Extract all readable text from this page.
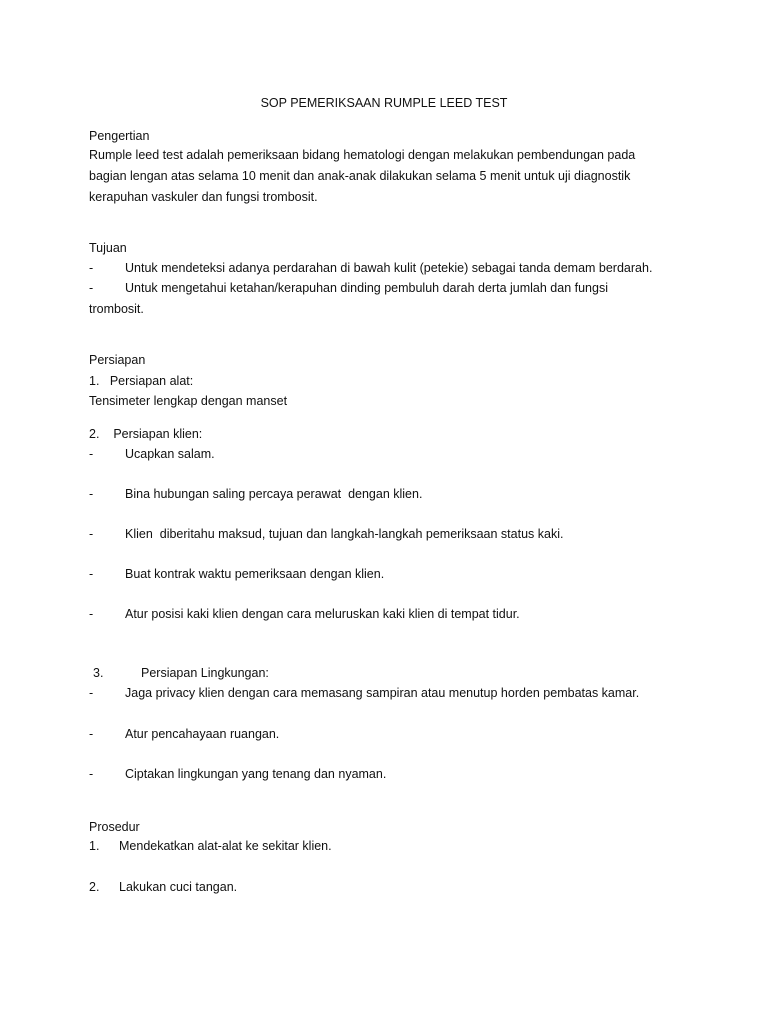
SOP PEMERIKSAAN RUMPLE LEED TEST
Pengertian
Rumple leed test adalah pemeriksaan bidang hematologi dengan melakukan pembendungan pada
bagian lengan atas selama 10 menit dan anak-anak dilakukan selama 5 menit untuk uji diagnostik
kerapuhan vaskuler dan fungsi trombosit.
Tujuan
-	Untuk mendeteksi adanya perdarahan di bawah kulit (petekie) sebagai tanda demam berdarah.
-	Untuk mengetahui ketahan/kerapuhan dinding pembuluh darah derta jumlah dan fungsi
trombosit.
Persiapan
1.   Persiapan alat:
Tensimeter lengkap dengan manset
2.    Persiapan klien:
-	Ucapkan salam.
-	Bina hubungan saling percaya perawat  dengan klien.
-	Klien  diberitahu maksud, tujuan dan langkah-langkah pemeriksaan status kaki.
-	Buat kontrak waktu pemeriksaan dengan klien.
-	Atur posisi kaki klien dengan cara meluruskan kaki klien di tempat tidur.
3.	Persiapan Lingkungan:
-	Jaga privacy klien dengan cara memasang sampiran atau menutup horden pembatas kamar.
-	Atur pencahayaan ruangan.
-	Ciptakan lingkungan yang tenang dan nyaman.
Prosedur
1. Mendekatkan alat-alat ke sekitar klien.
2. Lakukan cuci tangan.
